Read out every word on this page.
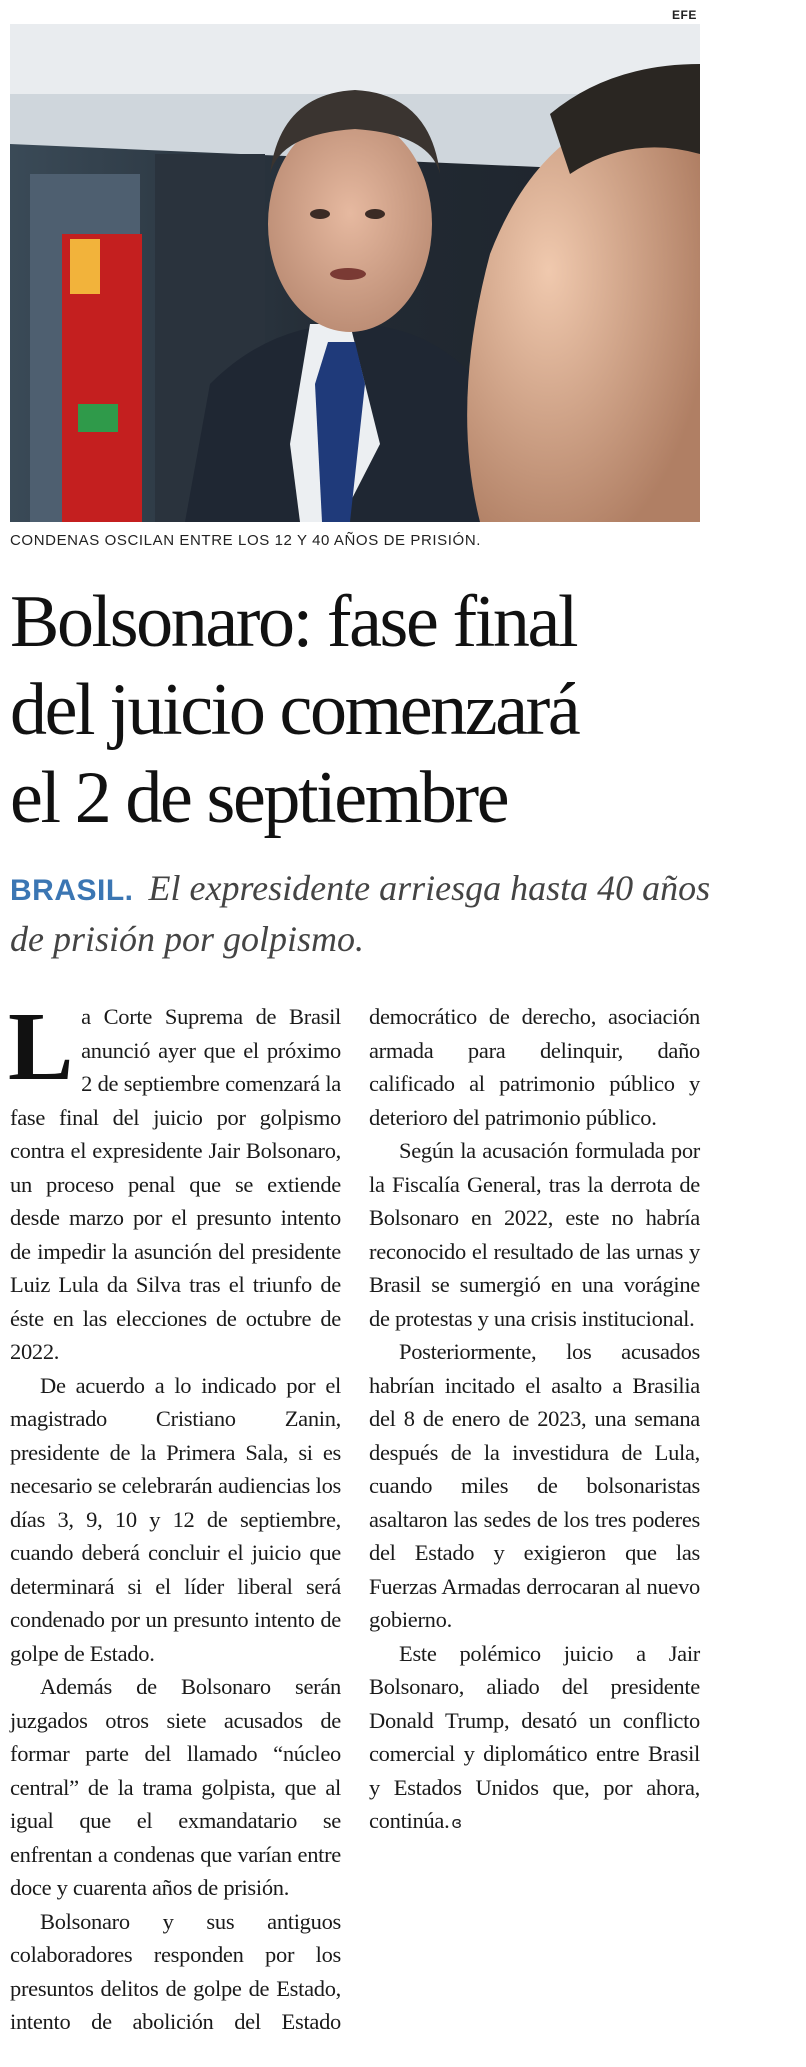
EFE
CONDENAS OSCILAN ENTRE LOS 12 Y 40 AÑOS DE PRISIÓN.
Bolsonaro: fase final
del juicio comenzará
el 2 de septiembre

BRASIL. El expresidente arriesga hasta 40 años de prisión por golpismo.

La Corte Suprema de Brasil anunció ayer que el próximo 2 de septiembre comenzará la fase final del juicio por golpismo contra el expresidente Jair Bolsonaro, un proceso penal que se extiende desde marzo por el presunto intento de impedir la asunción del presidente Luiz Lula da Silva tras el triunfo de éste en las elecciones de octubre de 2022.

De acuerdo a lo indicado por el magistrado Cristiano Zanin, presidente de la Primera Sala, si es necesario se celebrarán audiencias los días 3, 9, 10 y 12 de septiembre, cuando deberá concluir el juicio que determinará si el líder liberal será condenado por un presunto intento de golpe de Estado.

Además de Bolsonaro serán juzgados otros siete acusados de formar parte del llamado “núcleo central” de la trama golpista, que al igual que el exmandatario se enfrentan a condenas que varían entre doce y cuarenta años de prisión.

Bolsonaro y sus antiguos colaboradores responden por los presuntos delitos de golpe de Estado, intento de abolición del Estado democrático de derecho, asociación armada para delinquir, daño calificado al patrimonio público y deterioro del patrimonio público.

Según la acusación formulada por la Fiscalía General, tras la derrota de Bolsonaro en 2022, este no habría reconocido el resultado de las urnas y Brasil se sumergió en una vorágine de protestas y una crisis institucional.

Posteriormente, los acusados habrían incitado el asalto a Brasilia del 8 de enero de 2023, una semana después de la investidura de Lula, cuando miles de bolsonaristas asaltaron las sedes de los tres poderes del Estado y exigieron que las Fuerzas Armadas derrocaran al nuevo gobierno.

Este polémico juicio a Jair Bolsonaro, aliado del presidente Donald Trump, desató un conflicto comercial y diplomático entre Brasil y Estados Unidos que, por ahora, continúa. ɞ
